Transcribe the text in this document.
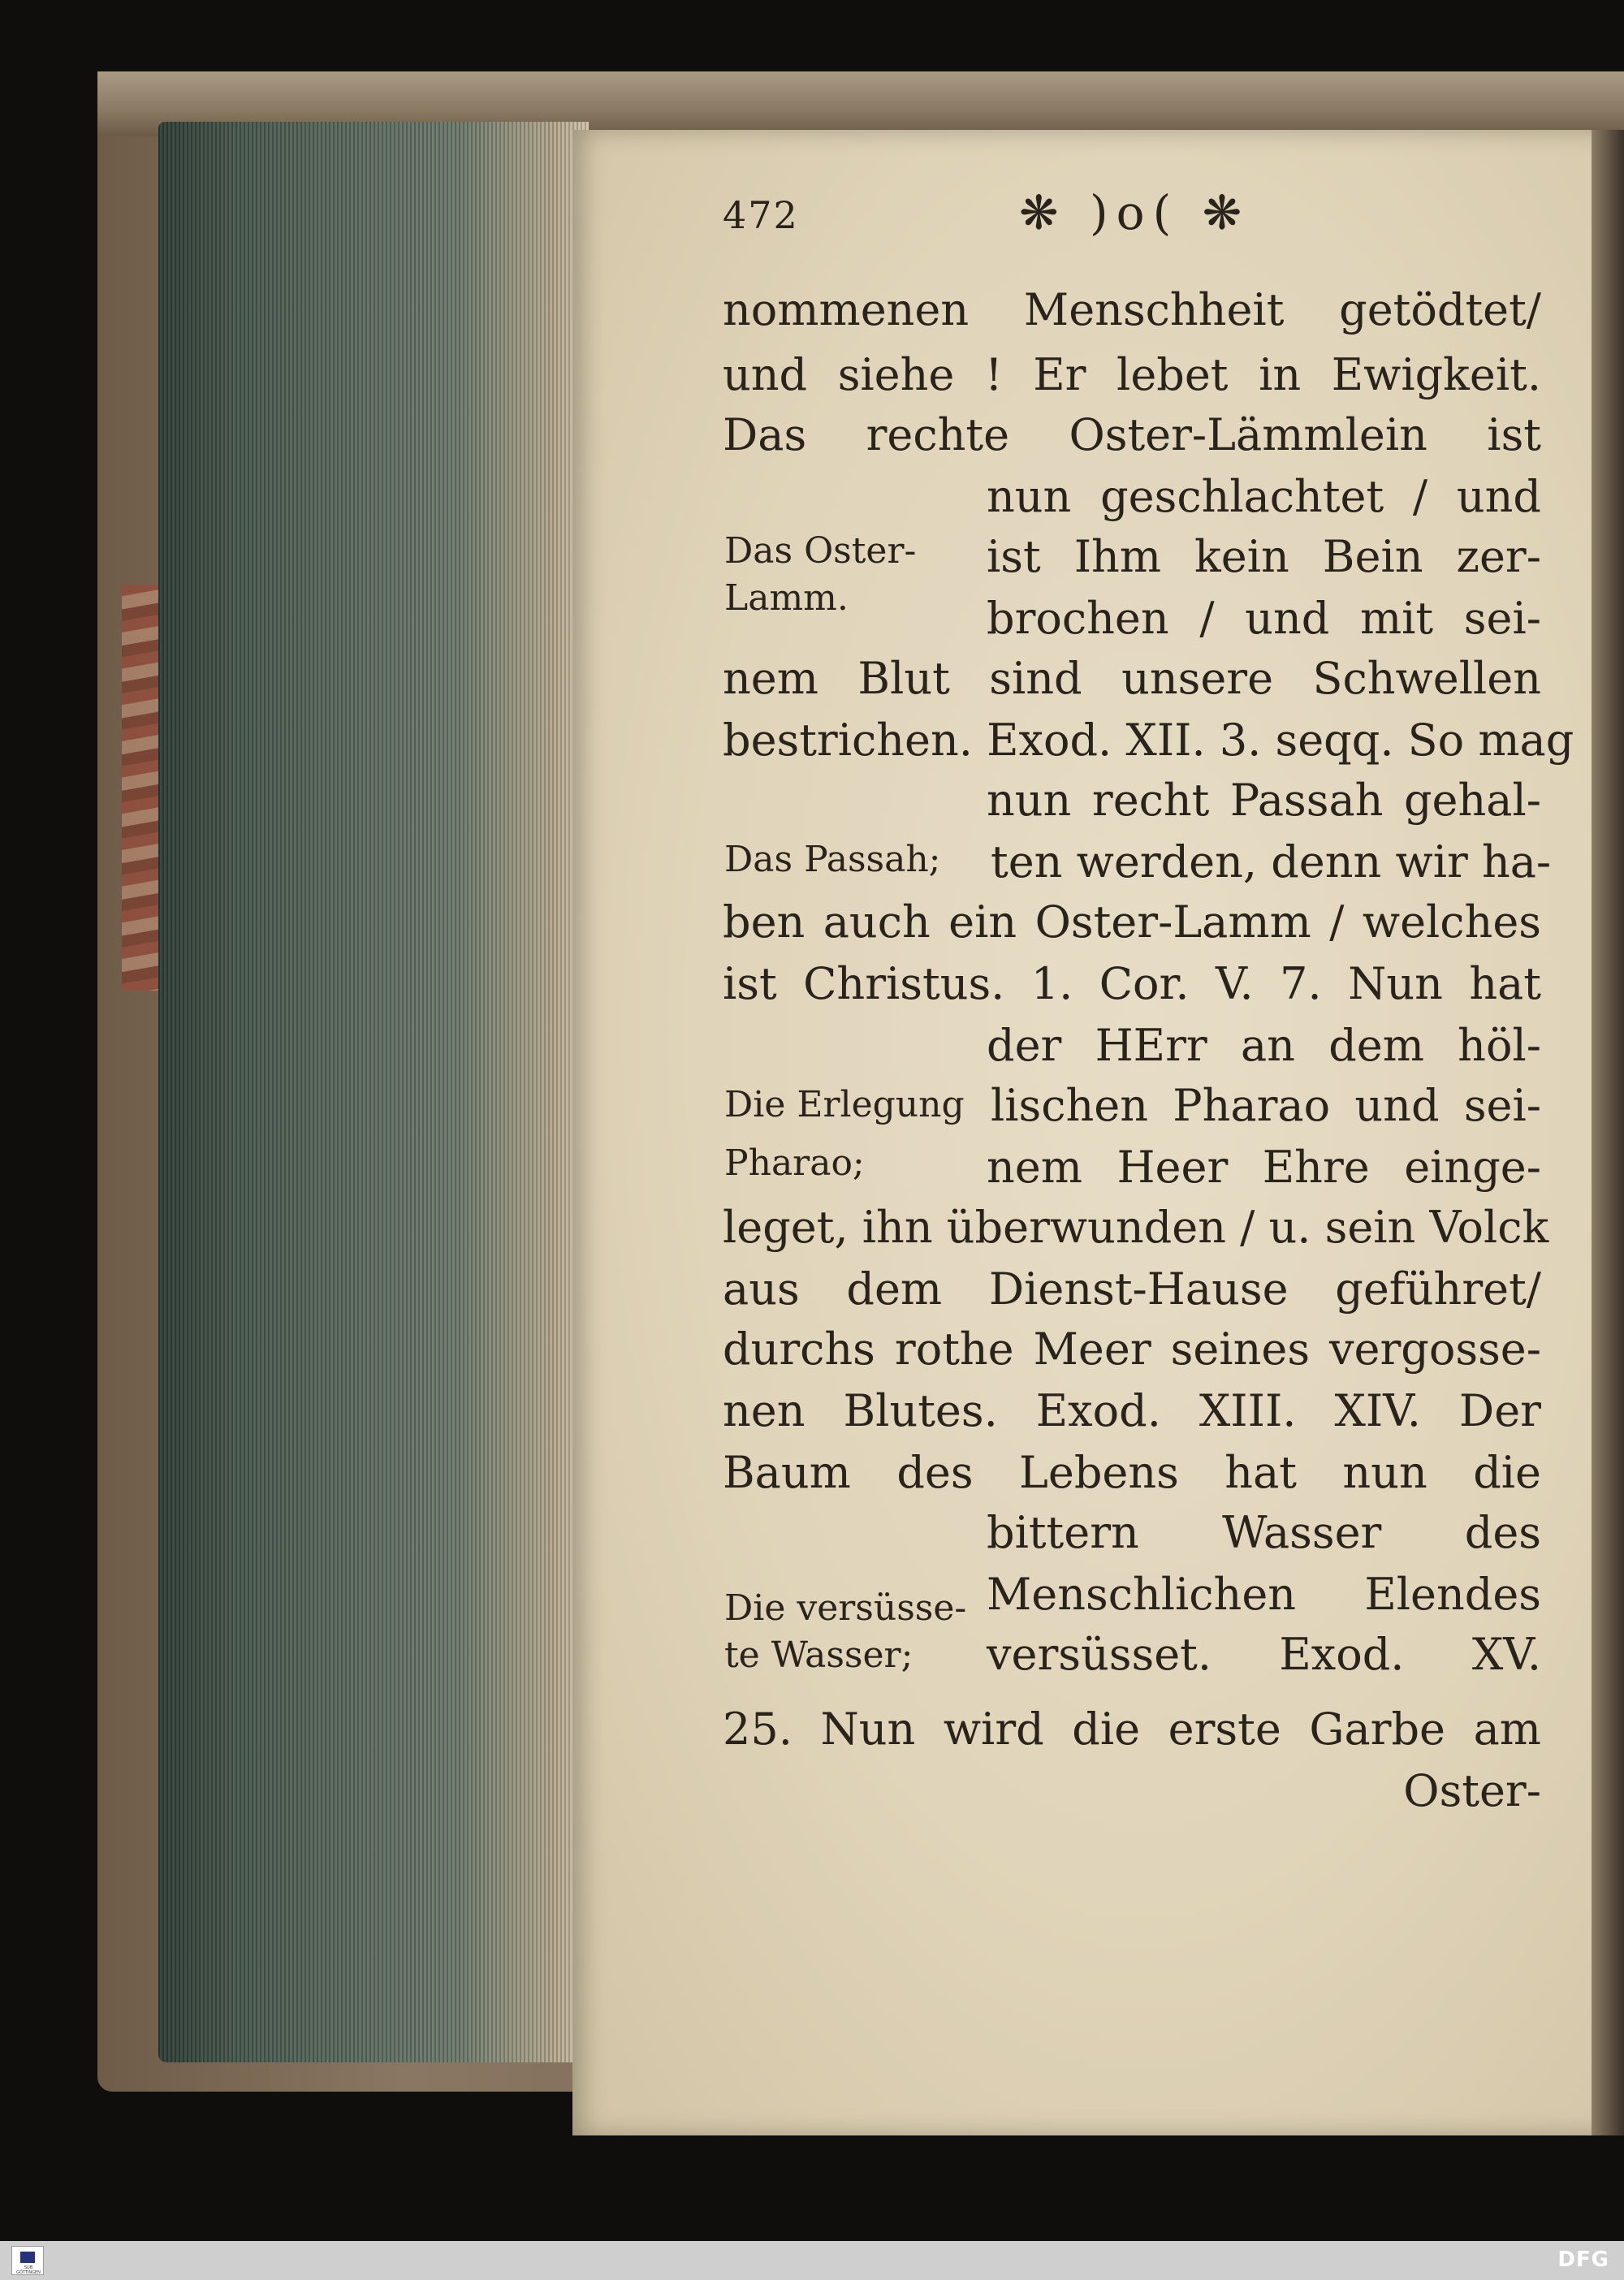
472	❋ )o( ❋
nommenen Menschheit getödtet/
und siehe ! Er lebet in Ewigkeit.
Das rechte Oster-Lämmlein ist
nun geschlachtet / und
ist Ihm kein Bein zer-
brochen / und mit sei-
nem Blut sind unsere Schwellen
bestrichen. Exod. XII. 3. seqq. So mag
nun recht Passah gehal-
ten werden, denn wir ha-
ben auch ein Oster-Lamm / welches
ist Christus. 1. Cor. V. 7. Nun hat
der HErr an dem höl-
lischen Pharao und sei-
nem Heer Ehre einge-
leget, ihn überwunden / u. sein Volck
aus dem Dienst-Hause geführet/
durchs rothe Meer seines vergosse-
nen Blutes. Exod. XIII. XIV. Der
Baum des Lebens hat nun die
bittern Wasser des
Menschlichen Elendes
versüsset. Exod. XV.
25. Nun wird die erste Garbe am
Oster-
Das Oster-
Lamm.
Das Passah;
Die Erlegung
Pharao;
Die versüsse-
te Wasser;
SUB GÖTTINGEN
DFG
